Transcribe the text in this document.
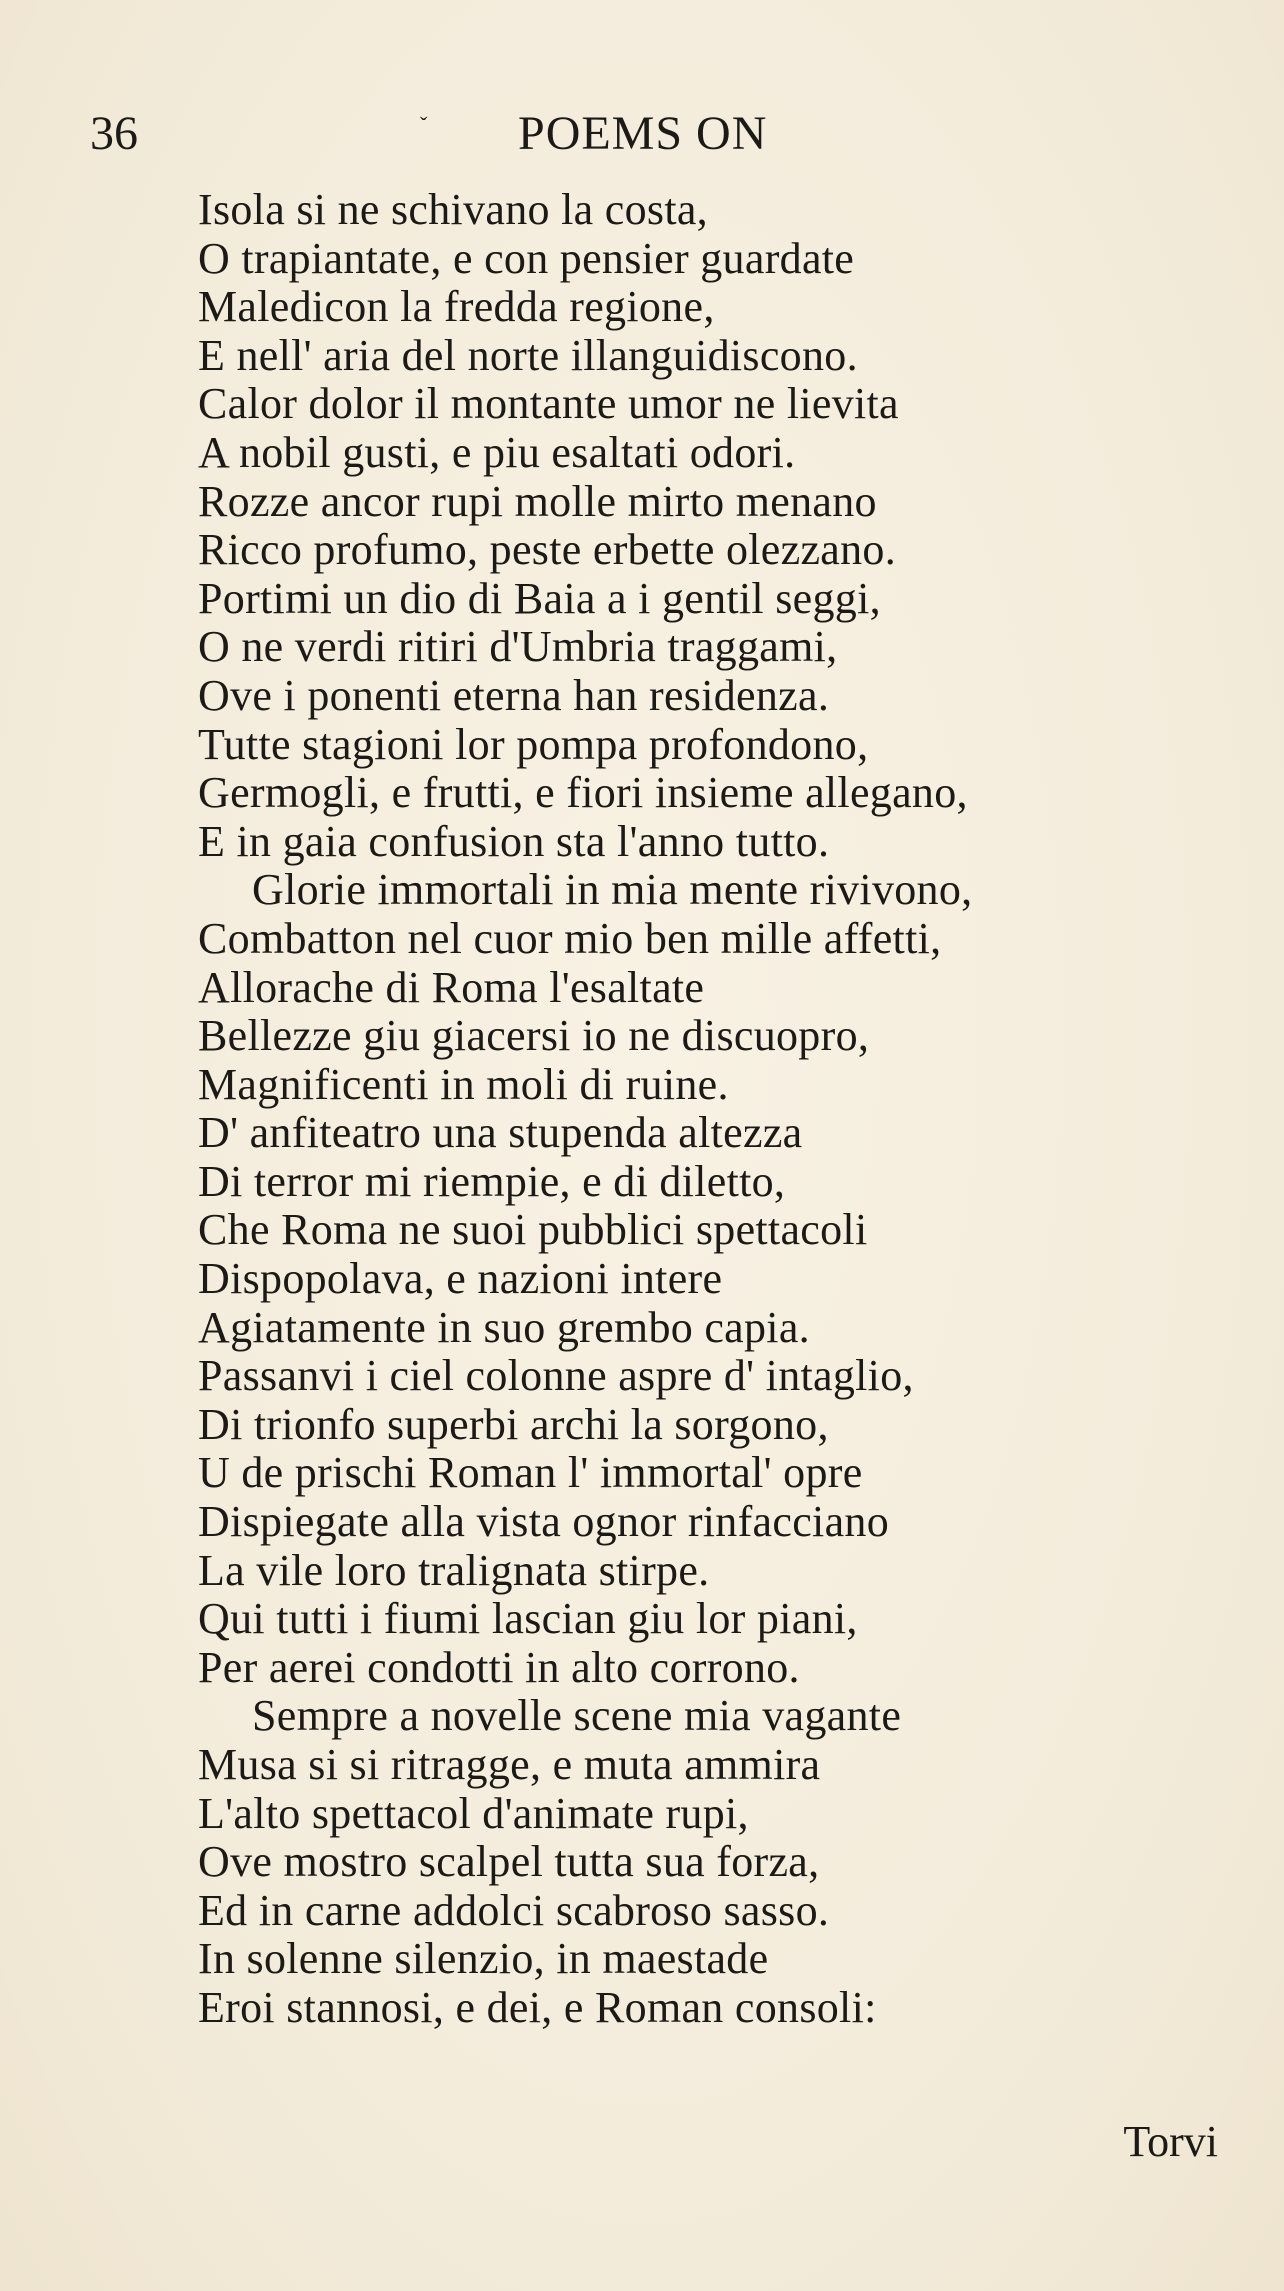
36	ˇ POEMS ON
Isola si ne schivano la costa,
O trapiantate, e con pensier guardate
Maledicon la fredda regione,
E nell' aria del norte illanguidiscono.
Calor dolor il montante umor ne lievita
A nobil gusti, e piu esaltati odori.
Rozze ancor rupi molle mirto menano
Ricco profumo, peste erbette olezzano.
Portimi un dio di Baia a i gentil seggi,
O ne verdi ritiri d'Umbria traggami,
Ove i ponenti eterna han residenza.
Tutte stagioni lor pompa profondono,
Germogli, e frutti, e fiori insieme allegano,
E in gaia confusion sta l'anno tutto.
Glorie immortali in mia mente rivivono,
Combatton nel cuor mio ben mille affetti,
Allorache di Roma l'esaltate
Bellezze giu giacersi io ne discuopro,
Magnificenti in moli di ruine.
D' anfiteatro una stupenda altezza
Di terror mi riempie, e di diletto,
Che Roma ne suoi pubblici spettacoli
Dispopolava, e nazioni intere
Agiatamente in suo grembo capia.
Passanvi i ciel colonne aspre d' intaglio,
Di trionfo superbi archi la sorgono,
U de prischi Roman l' immortal' opre
Dispiegate alla vista ognor rinfacciano
La vile loro tralignata stirpe.
Qui tutti i fiumi lascian giu lor piani,
Per aerei condotti in alto corrono.
Sempre a novelle scene mia vagante
Musa si si ritragge, e muta ammira
L'alto spettacol d'animate rupi,
Ove mostro scalpel tutta sua forza,
Ed in carne addolci scabroso sasso.
In solenne silenzio, in maestade
Eroi stannosi, e dei, e Roman consoli:
Torvi
